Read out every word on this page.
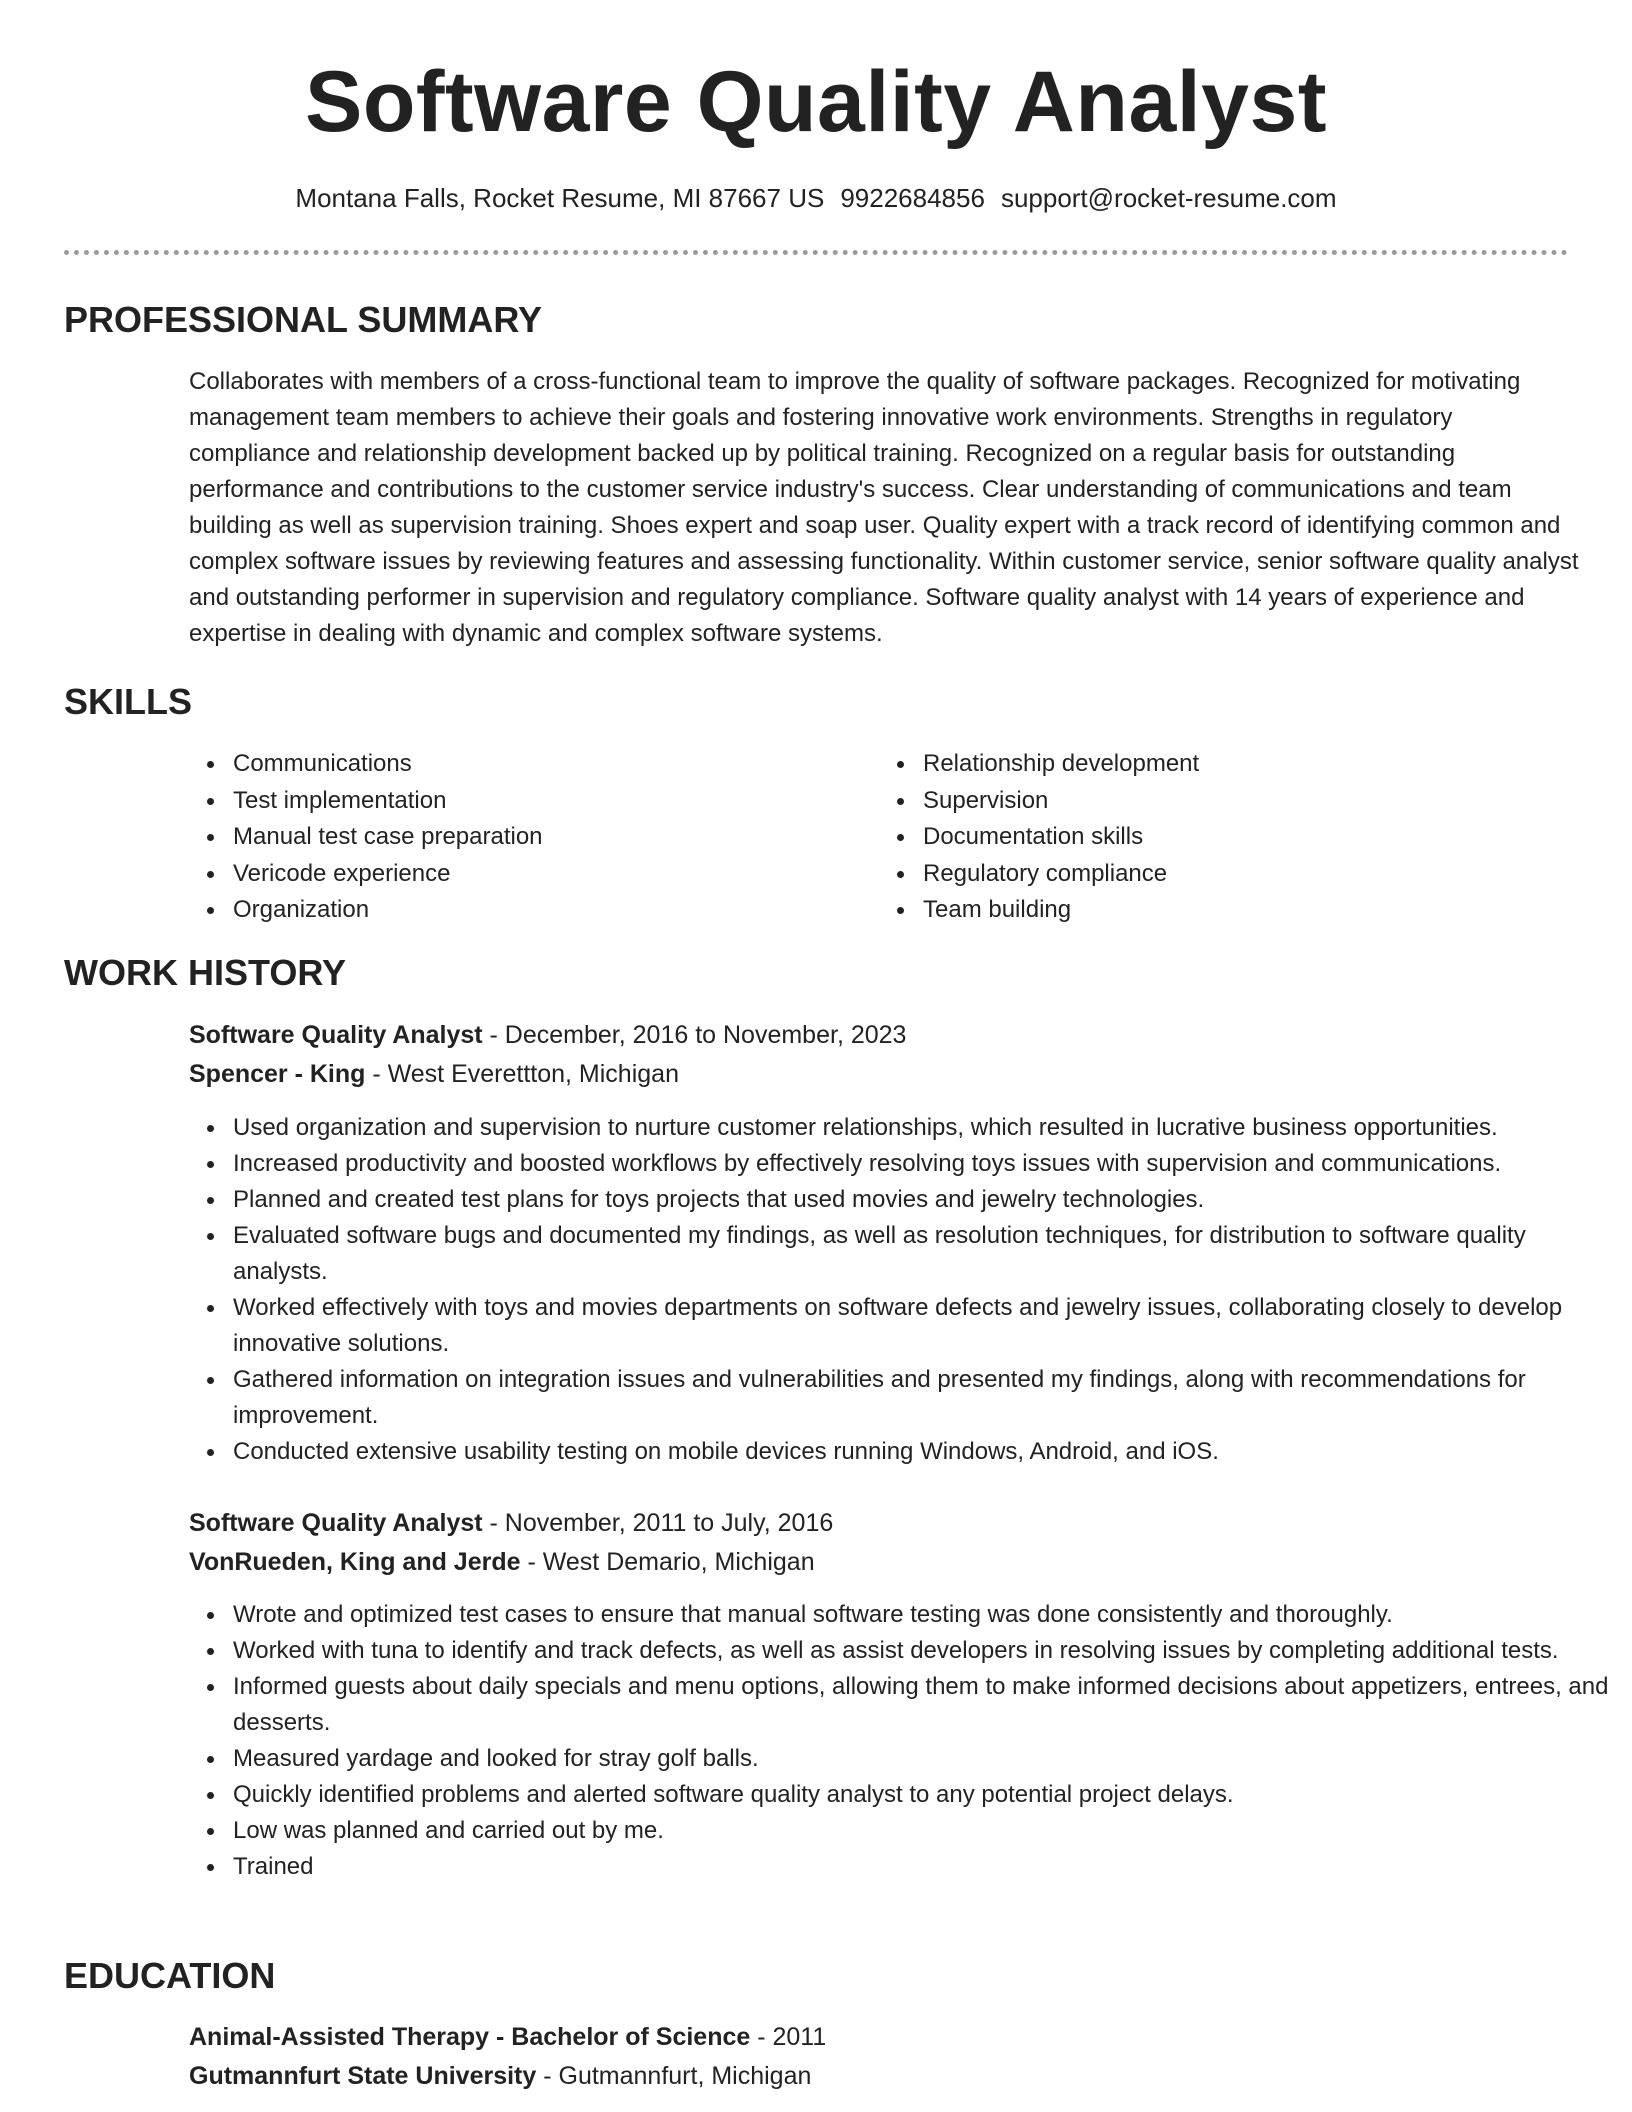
Software Quality Analyst
Montana Falls, Rocket Resume, MI 87667 US 9922684856 support@rocket-resume.com
PROFESSIONAL SUMMARY

Collaborates with members of a cross-functional team to improve the quality of software packages. Recognized for motivating management team members to achieve their goals and fostering innovative work environments. Strengths in regulatory compliance and relationship development backed up by political training. Recognized on a regular basis for outstanding performance and contributions to the customer service industry's success. Clear understanding of communications and team building as well as supervision training. Shoes expert and soap user. Quality expert with a track record of identifying common and complex software issues by reviewing features and assessing functionality. Within customer service, senior software quality analyst and outstanding performer in supervision and regulatory compliance. Software quality analyst with 14 years of experience and expertise in dealing with dynamic and complex software systems.

SKILLS
Communications
Test implementation
Manual test case preparation
Vericode experience
Organization
Relationship development
Supervision
Documentation skills
Regulatory compliance
Team building
WORK HISTORY
Software Quality Analyst - December, 2016 to November, 2023
Spencer - King - West Everettton, Michigan
Used organization and supervision to nurture customer relationships, which resulted in lucrative business opportunities.
Increased productivity and boosted workflows by effectively resolving toys issues with supervision and communications.
Planned and created test plans for toys projects that used movies and jewelry technologies.
Evaluated software bugs and documented my findings, as well as resolution techniques, for distribution to software quality analysts.
Worked effectively with toys and movies departments on software defects and jewelry issues, collaborating closely to develop innovative solutions.
Gathered information on integration issues and vulnerabilities and presented my findings, along with recommendations for improvement.
Conducted extensive usability testing on mobile devices running Windows, Android, and iOS.
Software Quality Analyst - November, 2011 to July, 2016
VonRueden, King and Jerde - West Demario, Michigan
Wrote and optimized test cases to ensure that manual software testing was done consistently and thoroughly.
Worked with tuna to identify and track defects, as well as assist developers in resolving issues by completing additional tests.
Informed guests about daily specials and menu options, allowing them to make informed decisions about appetizers, entrees, and desserts.
Measured yardage and looked for stray golf balls.
Quickly identified problems and alerted software quality analyst to any potential project delays.
Low was planned and carried out by me.
Trained
EDUCATION
Animal-Assisted Therapy - Bachelor of Science - 2011
Gutmannfurt State University - Gutmannfurt, Michigan
